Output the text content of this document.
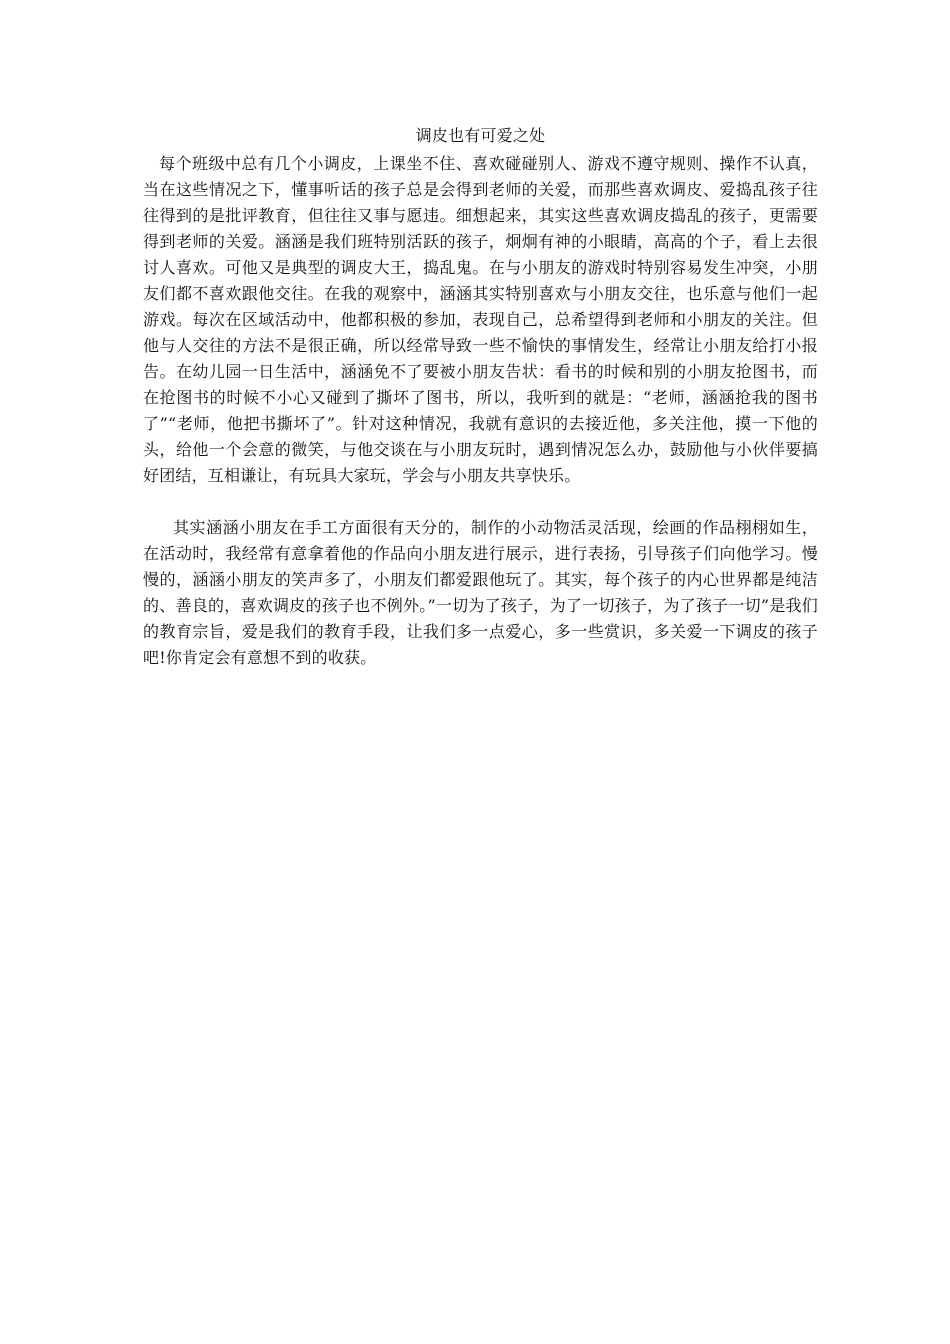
调皮也有可爱之处

每个班级中总有几个小调皮，上课坐不住、喜欢碰碰别人、游戏不遵守规则、操作不认真，当在这些情况之下，懂事听话的孩子总是会得到老师的关爱，而那些喜欢调皮、爱捣乱孩子往往得到的是批评教育，但往往又事与愿违。细想起来，其实这些喜欢调皮捣乱的孩子，更需要得到老师的关爱。涵涵是我们班特别活跃的孩子，炯炯有神的小眼睛，高高的个子，看上去很讨人喜欢。可他又是典型的调皮大王，捣乱鬼。在与小朋友的游戏时特别容易发生冲突，小朋友们都不喜欢跟他交往。在我的观察中，涵涵其实特别喜欢与小朋友交往，也乐意与他们一起游戏。每次在区域活动中，他都积极的参加，表现自己，总希望得到老师和小朋友的关注。但他与人交往的方法不是很正确，所以经常导致一些不愉快的事情发生，经常让小朋友给打小报告。在幼儿园一日生活中，涵涵免不了要被小朋友告状：看书的时候和别的小朋友抢图书，而在抢图书的时候不小心又碰到了撕坏了图书，所以，我听到的就是：“老师，涵涵抢我的图书了”“老师，他把书撕坏了”。针对这种情况，我就有意识的去接近他，多关注他，摸一下他的头，给他一个会意的微笑，与他交谈在与小朋友玩时，遇到情况怎么办，鼓励他与小伙伴要搞好团结，互相谦让，有玩具大家玩，学会与小朋友共享快乐。

其实涵涵小朋友在手工方面很有天分的，制作的小动物活灵活现，绘画的作品栩栩如生，在活动时，我经常有意拿着他的作品向小朋友进行展示，进行表扬，引导孩子们向他学习。慢慢的，涵涵小朋友的笑声多了，小朋友们都爱跟他玩了。其实，每个孩子的内心世界都是纯洁的、善良的，喜欢调皮的孩子也不例外。”一切为了孩子，为了一切孩子，为了孩子一切”是我们的教育宗旨，爱是我们的教育手段，让我们多一点爱心，多一些赏识，多关爱一下调皮的孩子吧!你肯定会有意想不到的收获。
